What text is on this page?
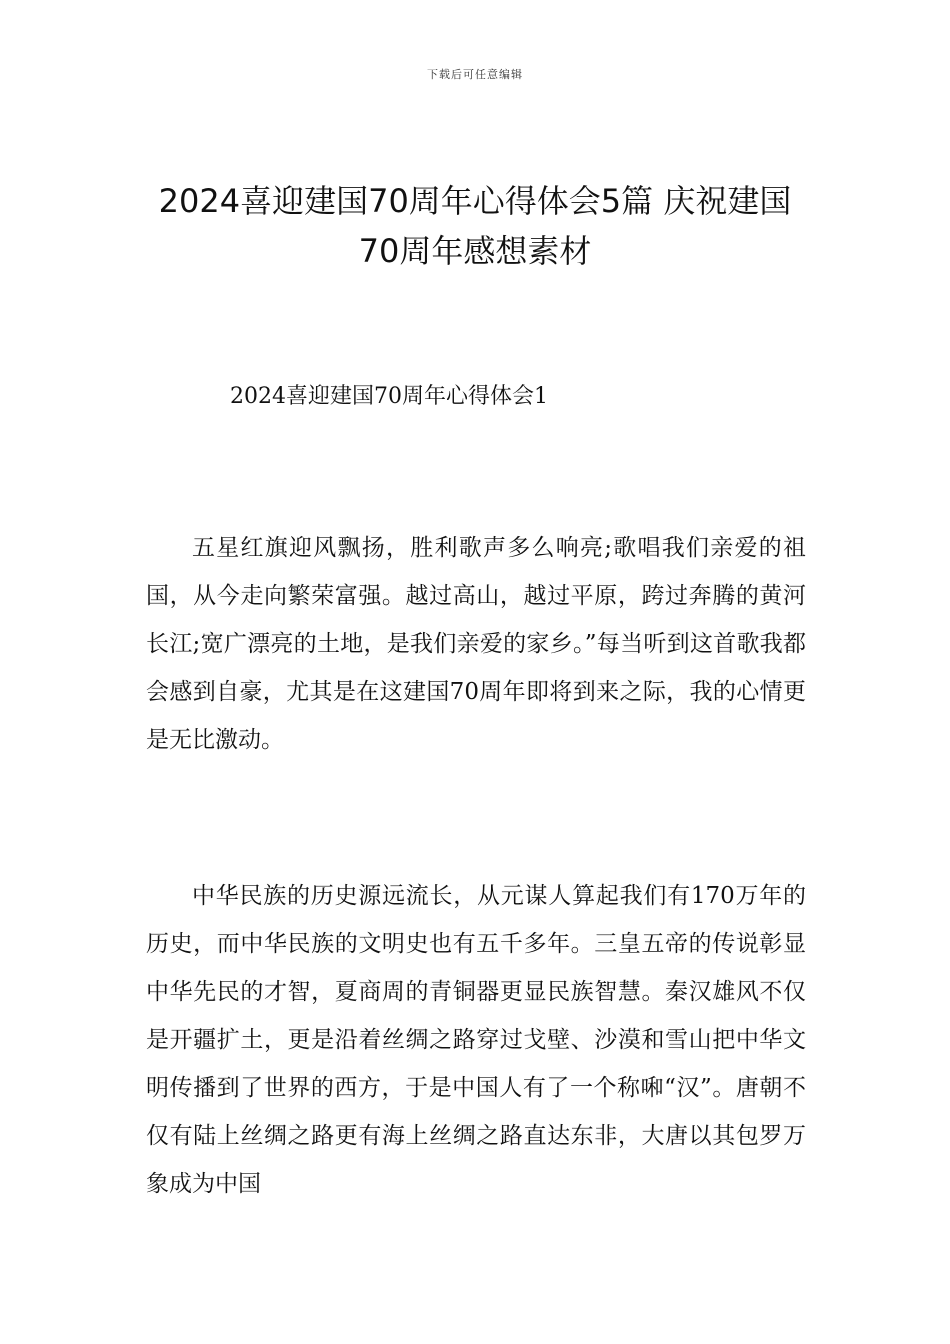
下载后可任意编辑
2024喜迎建国70周年心得体会5篇 庆祝建国70周年感想素材
2024喜迎建国70周年心得体会1

五星红旗迎风飘扬，胜利歌声多么响亮;歌唱我们亲爱的祖国，从今走向繁荣富强。越过高山，越过平原，跨过奔腾的黄河长江;宽广漂亮的土地，是我们亲爱的家乡。”每当听到这首歌我都会感到自豪，尤其是在这建国70周年即将到来之际，我的心情更是无比激动。

中华民族的历史源远流长，从元谋人算起我们有170万年的历史，而中华民族的文明史也有五千多年。三皇五帝的传说彰显中华先民的才智，夏商周的青铜器更显民族智慧。秦汉雄风不仅是开疆扩土，更是沿着丝绸之路穿过戈壁、沙漠和雪山把中华文明传播到了世界的西方，于是中国人有了一个称啝“汉”。唐朝不仅有陆上丝绸之路更有海上丝绸之路直达东非，大唐以其包罗万象成为中国
